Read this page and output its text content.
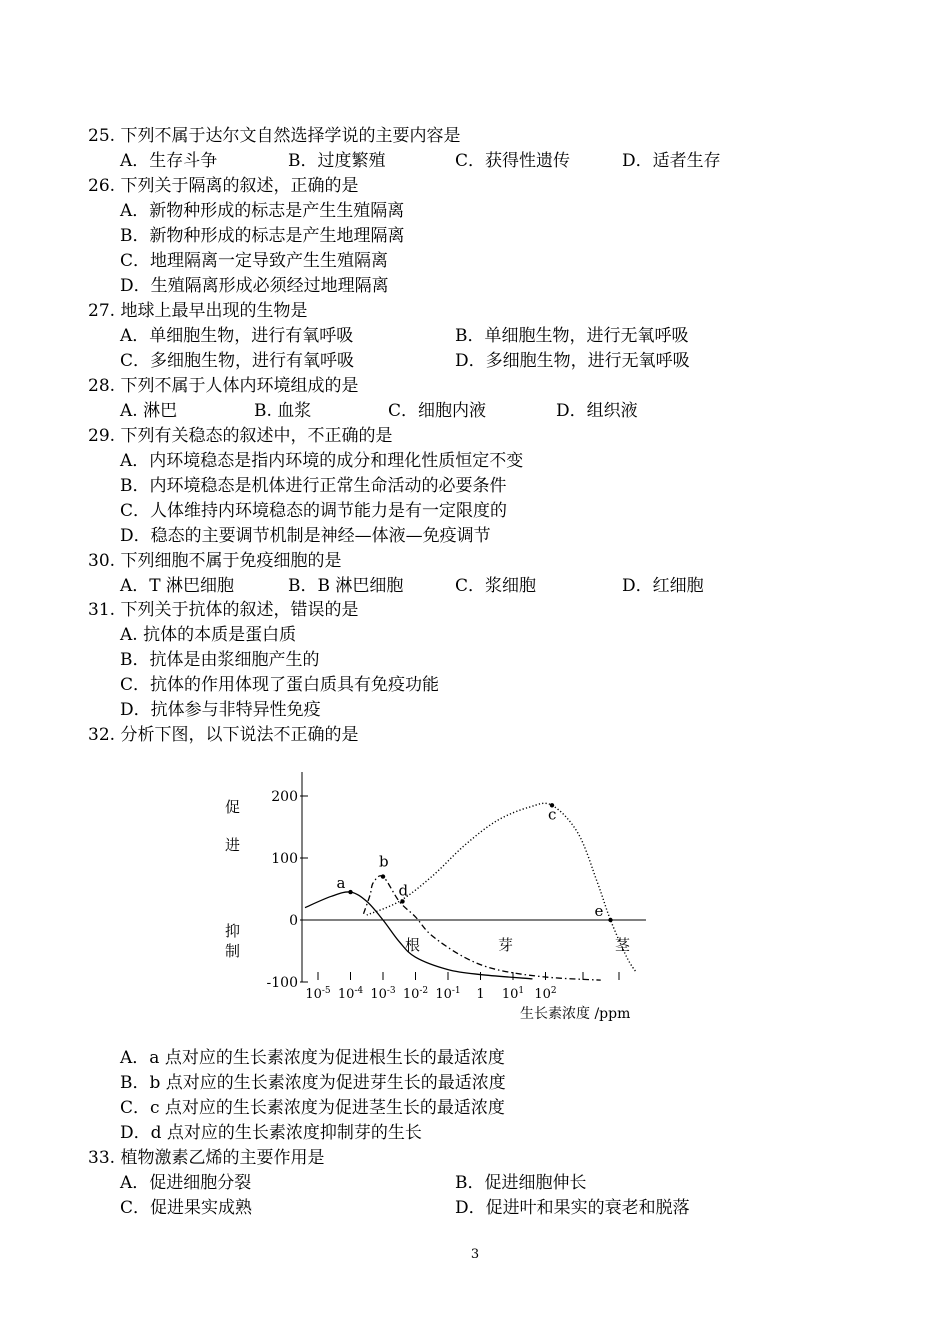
25. 下列不属于达尔文自然选择学说的主要内容是
A．生存斗争	B．过度繁殖	C．获得性遗传	D．适者生存
26. 下列关于隔离的叙述，正确的是
A．新物种形成的标志是产生生殖隔离
B．新物种形成的标志是产生地理隔离
C．地理隔离一定导致产生生殖隔离
D．生殖隔离形成必须经过地理隔离
27. 地球上最早出现的生物是
A．单细胞生物，进行有氧呼吸	B．单细胞生物，进行无氧呼吸
C．多细胞生物，进行有氧呼吸	D．多细胞生物，进行无氧呼吸
28. 下列不属于人体内环境组成的是
A. 淋巴	B. 血浆	C．细胞内液	D．组织液
29. 下列有关稳态的叙述中，不正确的是
A．内环境稳态是指内环境的成分和理化性质恒定不变
B．内环境稳态是机体进行正常生命活动的必要条件
C．人体维持内环境稳态的调节能力是有一定限度的
D．稳态的主要调节机制是神经—体液—免疫调节
30. 下列细胞不属于免疫细胞的是
A．T 淋巴细胞	B．B 淋巴细胞	C．浆细胞	D．红细胞
31. 下列关于抗体的叙述，错误的是
A. 抗体的本质是蛋白质
B．抗体是由浆细胞产生的
C．抗体的作用体现了蛋白质具有免疫功能
D．抗体参与非特异性免疫
32. 分析下图，以下说法不正确的是
200
100
0
-100
$10^{-5}$ $10^{-4}$ $10^{-3}$ $10^{-2}$ $10^{-1}$ 1 $10^1$ $10^2$
促
进
抑
制
生长素浓度 /ppm
根	芽	茎
a
b
c
d
e
A．a 点对应的生长素浓度为促进根生长的最适浓度
B．b 点对应的生长素浓度为促进芽生长的最适浓度
C．c 点对应的生长素浓度为促进茎生长的最适浓度
D．d 点对应的生长素浓度抑制芽的生长
33. 植物激素乙烯的主要作用是
A．促进细胞分裂	B．促进细胞伸长
C．促进果实成熟	D．促进叶和果实的衰老和脱落
3
